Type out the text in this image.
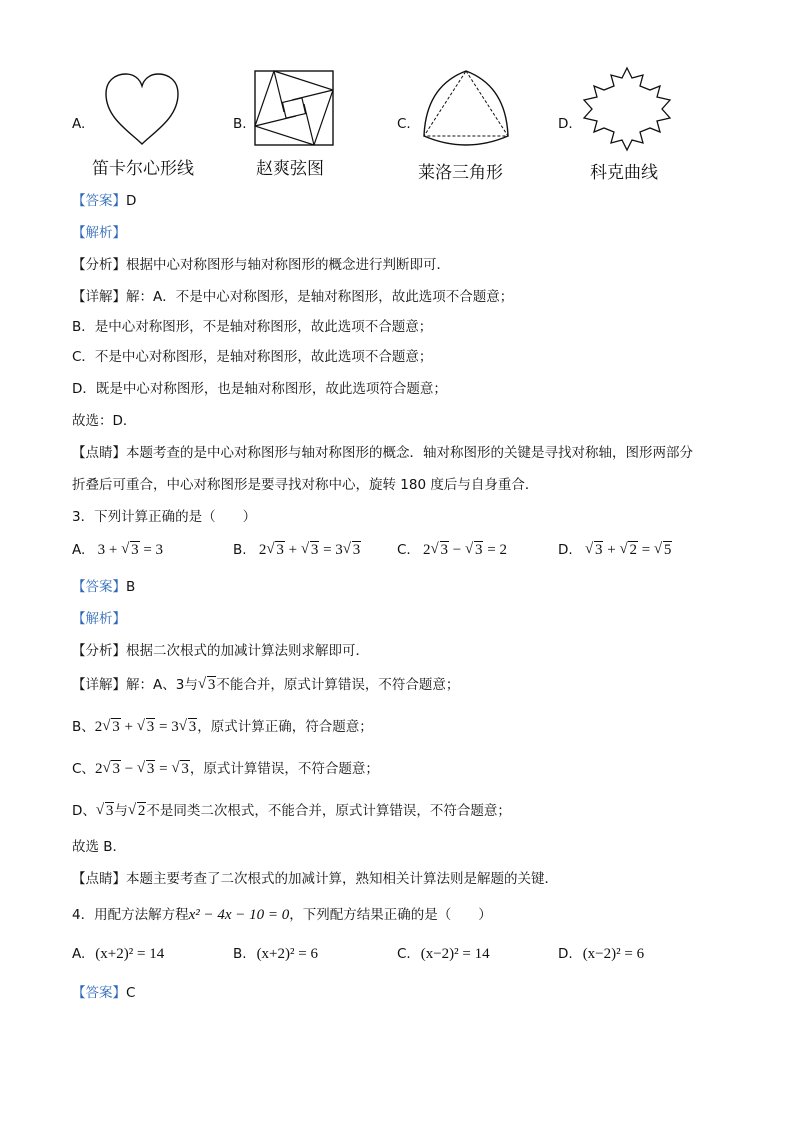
A.
笛卡尔心形线
B.
赵爽弦图
C.
莱洛三角形
D.
科克曲线
【答案】D
【解析】
【分析】根据中心对称图形与轴对称图形的概念进行判断即可．
【详解】解：A．不是中心对称图形，是轴对称图形，故此选项不合题意；
B．是中心对称图形，不是轴对称图形，故此选项不合题意；
C．不是中心对称图形，是轴对称图形，故此选项不合题意；
D．既是中心对称图形，也是轴对称图形，故此选项符合题意；
故选：D．
【点睛】本题考查的是中心对称图形与轴对称图形的概念．轴对称图形的关键是寻找对称轴，图形两部分
折叠后可重合，中心对称图形是要寻找对称中心，旋转 180 度后与自身重合．
3．下列计算正确的是（　　）
A. 3 + √ 3 = 3	B. 2 √ 3 + √ 3 = 3 √ 3	C. 2 √ 3 − √ 3 = 2	D. √ 3 + √ 2 = √ 5
【答案】B
【解析】
【分析】根据二次根式的加减计算法则求解即可．
【详解】解：A、3与 √ 3不能合并，原式计算错误，不符合题意；
B、2 √ 3 + √ 3 = 3 √ 3，原式计算正确，符合题意；
C、2 √ 3 − √ 3 = √ 3，原式计算错误，不符合题意；
D、 √ 3与 √ 2不是同类二次根式，不能合并，原式计算错误，不符合题意；
故选 B．
【点睛】本题主要考查了二次根式的加减计算，熟知相关计算法则是解题的关键．
4．用配方法解方程x² − 4x − 10 = 0，下列配方结果正确的是（　　）
A. (x+2)² = 14	B. (x+2)² = 6	C. (x−2)² = 14	D. (x−2)² = 6
【答案】C
